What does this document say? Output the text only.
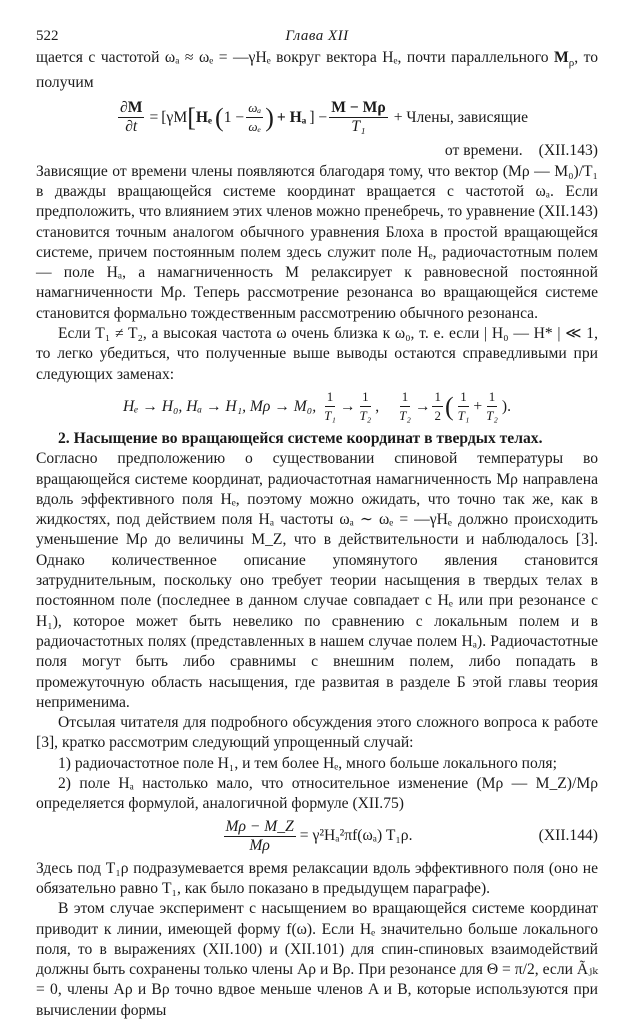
522	Глава XII

щается с частотой ωₐ ≈ ωₑ = —γHₑ вокруг вектора Hₑ, почти параллельного $M_\rho$, то получим

$\frac{\partial M}{\partial t} = [\gamma M$ [ Hₑ ( $1 - \frac{\text{ωₐ}}{\text{ωₑ}}$ ) + Hₐ ] − $\frac{M - M\rho}{\text{T₁}}$ + Члены, зависящие
от времени. (XII.143)

Зависящие от времени члены появляются благодаря тому, что вектор (Mρ — M₀)/T₁ в дважды вращающейся системе координат вращается с частотой ωₐ. Если предположить, что влиянием этих членов можно пренебречь, то уравнение (XII.143) становится точным аналогом обычного уравнения Блоха в простой вращающейся системе, причем постоянным полем здесь служит поле Hₑ, радиочастотным полем — поле Hₐ, а намагниченность M релаксирует к равновесной постоянной намагниченности Mρ. Теперь рассмотрение резонанса во вращающейся системе становится формально тождественным рассмотрению обычного резонанса.

Если T₁ ≠ T₂, а высокая частота ω очень близка к ω₀, т. е. если | H₀ — H* | ≪ 1, то легко убедиться, что полученные выше выводы остаются справедливыми при следующих заменах:

Hₑ → H₀, Hₐ → H₁, Mρ → M₀, $\frac{1}{\text{T₁}} \to \frac{1}{\text{T₂}}$ , $\frac{1}{\text{T₂}} \to \frac{1}{2}$ ( $\frac{1}{\text{T₁}} + \frac{1}{\text{T₂}}$ ).

2. Насыщение во вращающейся системе координат в твердых телах.

Согласно предположению о существовании спиновой температуры во вращающейся системе координат, радиочастотная намагниченность Mρ направлена вдоль эффективного поля Hₑ, поэтому можно ожидать, что точно так же, как в жидкостях, под действием поля Hₐ частоты ωₐ ∼ ωₑ = —γHₑ должно происходить уменьшение Mρ до величины M_Z, что в действительности и наблюдалось [3]. Однако количественное описание упомянутого явления становится затруднительным, поскольку оно требует теории насыщения в твердых телах в постоянном поле (последнее в данном случае совпадает с Hₑ или при резонансе с H₁), которое может быть невелико по сравнению с локальным полем и в радиочастотных полях (представленных в нашем случае полем Hₐ). Радиочастотные поля могут быть либо сравнимы с внешним полем, либо попадать в промежуточную область насыщения, где развитая в разделе Б этой главы теория неприменима.

Отсылая читателя для подробного обсуждения этого сложного вопроса к работе [3], кратко рассмотрим следующий упрощенный случай:

1) радиочастотное поле H₁, и тем более Hₑ, много больше локального поля;

2) поле Hₐ настолько мало, что относительное изменение (Mρ — M_Z)/Mρ определяется формулой, аналогичной формуле (XII.75)

$\frac{M\rho - M\_Z}{M\rho} = \gamma^2H_a^2\pi f(\omega_a)$ T₁ρ.	(XII.144)

Здесь под T₁ρ подразумевается время релаксации вдоль эффективного поля (оно не обязательно равно T₁, как было показано в предыдущем параграфе).

В этом случае эксперимент с насыщением во вращающейся системе координат приводит к линии, имеющей форму f(ω). Если Hₑ значительно больше локального поля, то в выражениях (XII.100) и (XII.101) для спин-спиновых взаимодействий должны быть сохранены только члены Aρ и Bρ. При резонансе для Θ = π/2, если Ãⱼₖ = 0, члены Aρ и Bρ точно вдвое меньше членов A и B, которые используются при вычислении формы
